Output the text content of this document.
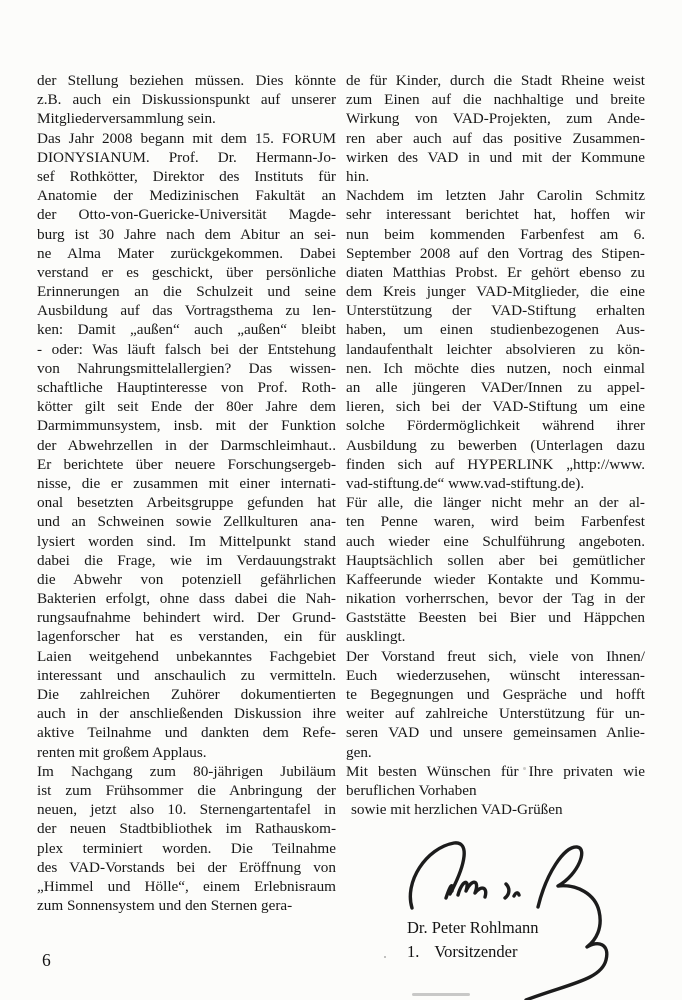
der Stellung beziehen müssen. Dies könnte
z.B. auch ein Diskussionspunkt auf unserer
Mitgliederversammlung sein.
Das Jahr 2008 begann mit dem 15. FORUM
DIONYSIANUM. Prof. Dr. Hermann-Jo-
sef Rothkötter, Direktor des Instituts für
Anatomie der Medizinischen Fakultät an
der Otto-von-Guericke-Universität Magde-
burg ist 30 Jahre nach dem Abitur an sei-
ne Alma Mater zurückgekommen. Dabei
verstand er es geschickt, über persönliche
Erinnerungen an die Schulzeit und seine
Ausbildung auf das Vortragsthema zu len-
ken: Damit „außen“ auch „außen“ bleibt
- oder: Was läuft falsch bei der Entstehung
von Nahrungsmittelallergien? Das wissen-
schaftliche Hauptinteresse von Prof. Roth-
kötter gilt seit Ende der 80er Jahre dem
Darmimmunsystem, insb. mit der Funktion
der Abwehrzellen in der Darmschleimhaut..
Er berichtete über neuere Forschungsergeb-
nisse, die er zusammen mit einer internati-
onal besetzten Arbeitsgruppe gefunden hat
und an Schweinen sowie Zellkulturen ana-
lysiert worden sind. Im Mittelpunkt stand
dabei die Frage, wie im Verdauungstrakt
die Abwehr von potenziell gefährlichen
Bakterien erfolgt, ohne dass dabei die Nah-
rungsaufnahme behindert wird. Der Grund-
lagenforscher hat es verstanden, ein für
Laien weitgehend unbekanntes Fachgebiet
interessant und anschaulich zu vermitteln.
Die zahlreichen Zuhörer dokumentierten
auch in der anschließenden Diskussion ihre
aktive Teilnahme und dankten dem Refe-
renten mit großem Applaus.
Im Nachgang zum 80-jährigen Jubiläum
ist zum Frühsommer die Anbringung der
neuen, jetzt also 10. Sternengartentafel in
der neuen Stadtbibliothek im Rathauskom-
plex terminiert worden. Die Teilnahme
des VAD-Vorstands bei der Eröffnung von
„Himmel und Hölle“, einem Erlebnisraum
zum Sonnensystem und den Sternen gera-
de für Kinder, durch die Stadt Rheine weist
zum Einen auf die nachhaltige und breite
Wirkung von VAD-Projekten, zum Ande-
ren aber auch auf das positive Zusammen-
wirken des VAD in und mit der Kommune
hin.
Nachdem im letzten Jahr Carolin Schmitz
sehr interessant berichtet hat, hoffen wir
nun beim kommenden Farbenfest am 6.
September 2008 auf den Vortrag des Stipen-
diaten Matthias Probst. Er gehört ebenso zu
dem Kreis junger VAD-Mitglieder, die eine
Unterstützung der VAD-Stiftung erhalten
haben, um einen studienbezogenen Aus-
landaufenthalt leichter absolvieren zu kön-
nen. Ich möchte dies nutzen, noch einmal
an alle jüngeren VADer/Innen zu appel-
lieren, sich bei der VAD-Stiftung um eine
solche Fördermöglichkeit während ihrer
Ausbildung zu bewerben (Unterlagen dazu
finden sich auf HYPERLINK „http://www.
vad-stiftung.de“ www.vad-stiftung.de).
Für alle, die länger nicht mehr an der al-
ten Penne waren, wird beim Farbenfest
auch wieder eine Schulführung angeboten.
Hauptsächlich sollen aber bei gemütlicher
Kaffeerunde wieder Kontakte und Kommu-
nikation vorherrschen, bevor der Tag in der
Gaststätte Beesten bei Bier und Häppchen
ausklingt.
Der Vorstand freut sich, viele von Ihnen/
Euch wiederzusehen, wünscht interessan-
te Begegnungen und Gespräche und hofft
weiter auf zahlreiche Unterstützung für un-
seren VAD und unsere gemeinsamen Anlie-
gen.
Mit besten Wünschen für Ihre privaten wie
beruflichen Vorhaben
sowie mit herzlichen VAD-Grüßen
Dr. Peter Rohlmann
1. Vorsitzender
6
